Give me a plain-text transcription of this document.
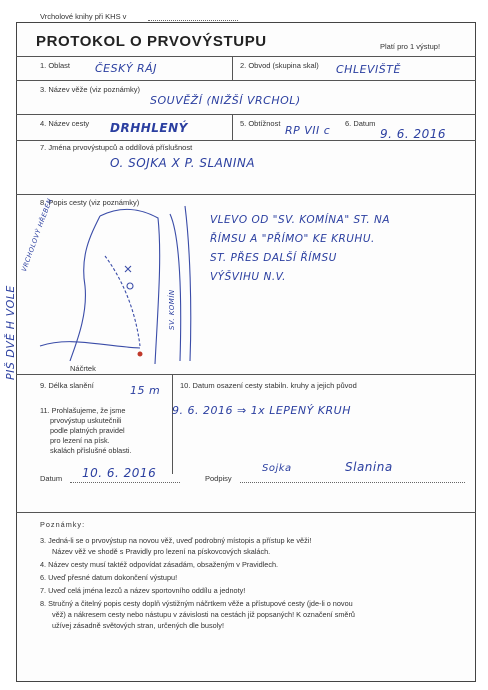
Vrcholové knihy při KHS v
PROTOKOL O PRVOVÝSTUPU	Platí pro 1 výstup!
1. Oblast ČESKÝ RÁJ	2. Obvod (skupina skal) CHLEVIŠTĚ
3. Název věže (viz poznámky)
SOUVĚŽÍ (NIŽŠÍ VRCHOL)
4. Název cesty DRHHLENÝ	5. Obtížnost
RP VII c
6. Datum
9. 6. 2016
7. Jména prvovýstupců a oddílová příslušnost
O. SOJKA X P. SLANINA
8. Popis cesty (viz poznámky)
VLEVO OD "SV. KOMÍNA" ST. NA
ŘÍMSU A "PŘÍMO" KE KRUHU.
ST. PŘES DALŠÍ ŘÍMSU
VÝŠVIHU N.V.
VRCHOLOVÝ HŘEBEN
SV. KOMÍN
Náčrtek
9. Délka slanění	15 m	10. Datum osazení cesty stabiln. kruhy a jejich původ
9. 6. 2016 ⇒ 1x LEPENÝ KRUH
11. Prohlašujeme, že jsme
prvovýstup uskutečnili
podle platných pravidel
pro lezení na písk.
skalách příslušné oblasti.
Datum 10. 6. 2016	Podpisy
Sojka	Slanina
Poznámky:
3. Jedná-li se o prvovýstup na novou věž, uveď podrobný místopis a přístup ke věži!
Název věž ve shodě s Pravidly pro lezení na pískovcových skalách.
4. Název cesty musí taktéž odpovídat zásadám, obsaženým v Pravidlech.
6. Uveď přesné datum dokončení výstupu!
7. Uveď celá jména lezců a název sportovního oddílu a jednoty!
8. Stručný a čitelný popis cesty doplň výstižným náčrtkem věže a přístupové cesty (jde-li o novou
věž) a nákresem cesty nebo nástupu v závislosti na cestách již popsaných! K označení směrů
užívej zásadně světových stran, určených dle busoly!
PIŠ DVĚ H VOLE
